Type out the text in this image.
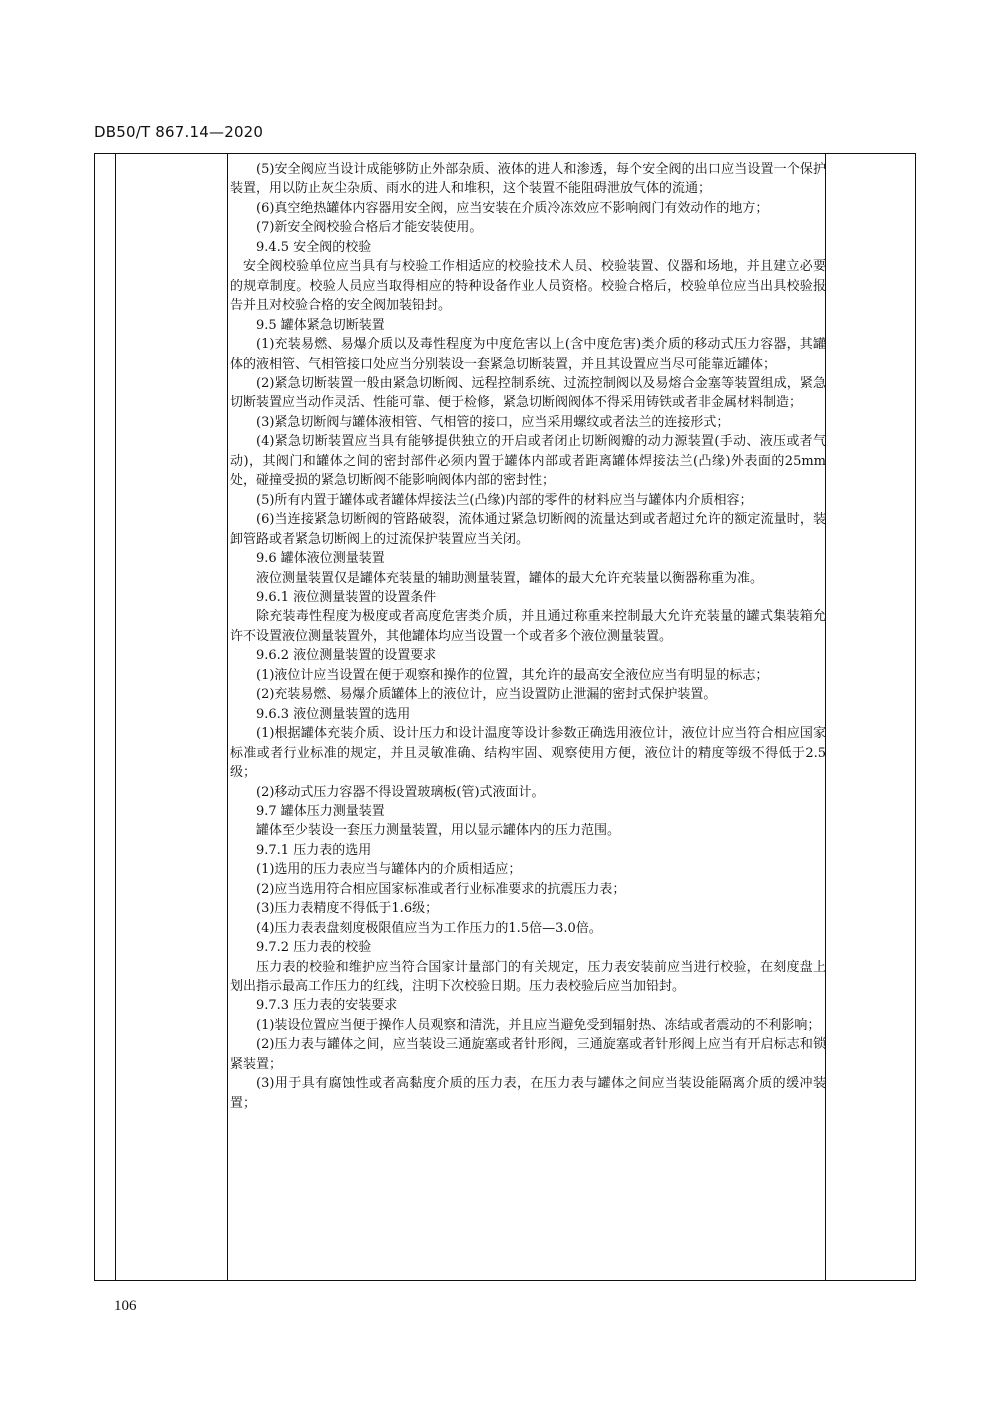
DB50/T 867.14—2020

(5)安全阀应当设计成能够防止外部杂质、液体的进人和渗透，每个安全阀的出口应当设置一个保护装置，用以防止灰尘杂质、雨水的进人和堆积，这个装置不能阻碍泄放气体的流通；

(6)真空绝热罐体内容器用安全阀，应当安装在介质冷冻效应不影响阀门有效动作的地方；

(7)新安全阀校验合格后才能安装使用。

9.4.5 安全阀的校验

安全阀校验单位应当具有与校验工作相适应的校验技术人员、校验装置、仪器和场地，并且建立必要的规章制度。校验人员应当取得相应的特种设备作业人员资格。校验合格后，校验单位应当出具校验报告并且对校验合格的安全阀加装铅封。

9.5 罐体紧急切断装置

(1)充装易燃、易爆介质以及毒性程度为中度危害以上(含中度危害)类介质的移动式压力容器，其罐体的液相管、气相管接口处应当分别装设一套紧急切断装置，并且其设置应当尽可能靠近罐体；

(2)紧急切断装置一般由紧急切断阀、远程控制系统、过流控制阀以及易熔合金塞等装置组成，紧急切断装置应当动作灵活、性能可靠、便于检修，紧急切断阀阀体不得采用铸铁或者非金属材料制造；

(3)紧急切断阀与罐体液相管、气相管的接口，应当采用螺纹或者法兰的连接形式；

(4)紧急切断装置应当具有能够提供独立的开启或者闭止切断阀瓣的动力源装置(手动、液压或者气动)，其阀门和罐体之间的密封部件必须内置于罐体内部或者距离罐体焊接法兰(凸缘)外表面的25mm处，碰撞受损的紧急切断阀不能影响阀体内部的密封性；

(5)所有内置于罐体或者罐体焊接法兰(凸缘)内部的零件的材料应当与罐体内介质相容；

(6)当连接紧急切断阀的管路破裂，流体通过紧急切断阀的流量达到或者超过允许的额定流量时，装卸管路或者紧急切断阀上的过流保护装置应当关闭。

9.6 罐体液位测量装置

液位测量装置仅是罐体充装量的辅助测量装置，罐体的最大允许充装量以衡器称重为准。

9.6.1 液位测量装置的设置条件

除充装毒性程度为极度或者高度危害类介质，并且通过称重来控制最大允许充装量的罐式集装箱允许不设置液位测量装置外，其他罐体均应当设置一个或者多个液位测量装置。

9.6.2 液位测量装置的设置要求

(1)液位计应当设置在便于观察和操作的位置，其允许的最高安全液位应当有明显的标志；

(2)充装易燃、易爆介质罐体上的液位计，应当设置防止泄漏的密封式保护装置。

9.6.3 液位测量装置的选用

(1)根据罐体充装介质、设计压力和设计温度等设计参数正确选用液位计，液位计应当符合相应国家标准或者行业标准的规定，并且灵敏准确、结构牢固、观察使用方便，液位计的精度等级不得低于2.5级；

(2)移动式压力容器不得设置玻璃板(管)式液面计。

9.7 罐体压力测量装置

罐体至少装设一套压力测量装置，用以显示罐体内的压力范围。

9.7.1 压力表的选用

(1)选用的压力表应当与罐体内的介质相适应；

(2)应当选用符合相应国家标准或者行业标准要求的抗震压力表；

(3)压力表精度不得低于1.6级；

(4)压力表表盘刻度极限值应当为工作压力的1.5倍—3.0倍。

9.7.2 压力表的校验

压力表的校验和维护应当符合国家计量部门的有关规定，压力表安装前应当进行校验，在刻度盘上划出指示最高工作压力的红线，注明下次校验日期。压力表校验后应当加铅封。

9.7.3 压力表的安装要求

(1)装设位置应当便于操作人员观察和清洗，并且应当避免受到辐射热、冻结或者震动的不利影响；

(2)压力表与罐体之间，应当装设三通旋塞或者针形阀，三通旋塞或者针形阀上应当有开启标志和锁紧装置；

(3)用于具有腐蚀性或者高黏度介质的压力表，在压力表与罐体之间应当装设能隔离介质的缓冲装置；

106
